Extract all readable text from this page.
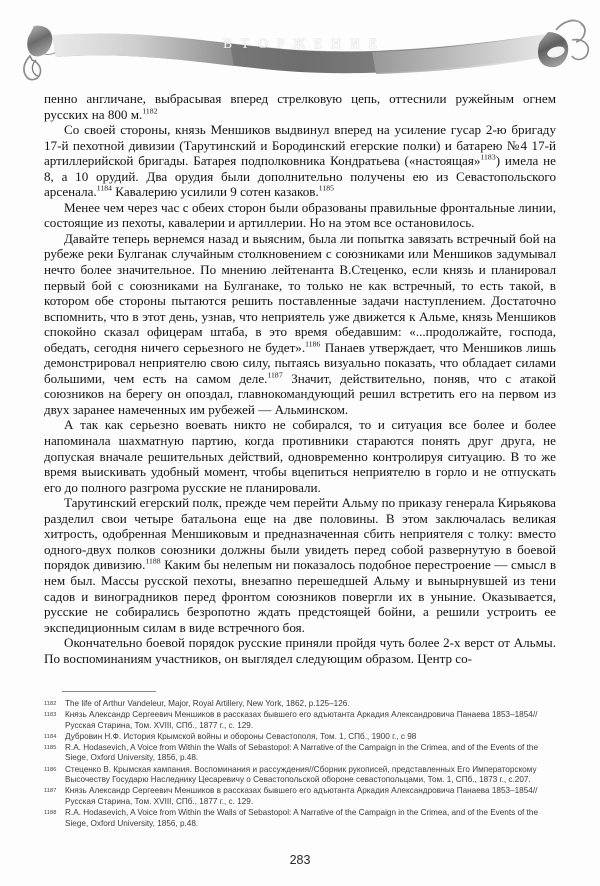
ВТОРЖЕНИЕ

пенно англичане, выбрасывая вперед стрелковую цепь, оттеснили ружейным огнем русских на 800 м.$^{1182}$

Со своей стороны, князь Меншиков выдвинул вперед на усиление гусар 2-ю бригаду 17-й пехотной дивизии (Тарутинский и Бородинский егерские полки) и батарею №4 17-й артиллерийской бригады. Батарея подполковника Кондратьева («настоящая»$^{1183}$) имела не 8, а 10 орудий. Два орудия были дополнительно получены ею из Севастопольского арсенала.$^{1184}$ Кавалерию усилили 9 сотен казаков.$^{1185}$

Менее чем через час с обеих сторон были образованы правильные фронтальные линии, состоящие из пехоты, кавалерии и артиллерии. Но на этом все остановилось.

Давайте теперь вернемся назад и выясним, была ли попытка завязать встречный бой на рубеже реки Булганак случайным столкновением с союзниками или Меншиков задумывал нечто более значительное. По мнению лейтенанта В.Стеценко, если князь и планировал первый бой с союзниками на Булганаке, то только не как встречный, то есть такой, в котором обе стороны пытаются решить поставленные задачи наступлением. Достаточно вспомнить, что в этот день, узнав, что неприятель уже движется к Альме, князь Меншиков спокойно сказал офицерам штаба, в это время обедавшим: «...продолжайте, господа, обедать, сегодня ничего серьезного не будет».$^{1186}$ Панаев утверждает, что Меншиков лишь демонстрировал неприятелю свою силу, пытаясь визуально показать, что обладает силами большими, чем есть на самом деле.$^{1187}$ Значит, действительно, поняв, что с атакой союзников на берегу он опоздал, главнокомандующий решил встретить его на первом из двух заранее намеченных им рубежей — Альминском.

А так как серьезно воевать никто не собирался, то и ситуация все более и более напоминала шахматную партию, когда противники стараются понять друг друга, не допуская вначале решительных действий, одновременно контролируя ситуацию. В то же время выискивать удобный момент, чтобы вцепиться неприятелю в горло и не отпускать его до полного разгрома русские не планировали.

Тарутинский егерский полк, прежде чем перейти Альму по приказу генерала Кирьякова разделил свои четыре батальона еще на две половины. В этом заключалась великая хитрость, одобренная Меншиковым и предназначенная сбить неприятеля с толку: вместо одного-двух полков союзники должны были увидеть перед собой развернутую в боевой порядок дивизию.$^{1188}$ Каким бы нелепым ни показалось подобное перестроение — смысл в нем был. Массы русской пехоты, внезапно перешедшей Альму и вынырнувшей из тени садов и виноградников перед фронтом союзников повергли их в уныние. Оказывается, русские не собирались безропотно ждать предстоящей бойни, а решили устроить ее экспедиционным силам в виде встречного боя.

Окончательно боевой порядок русские приняли пройдя чуть более 2-х верст от Альмы. По воспоминаниям участников, он выглядел следующим образом. Центр со-

1182	The life of Arthur Vandeleur, Major, Royal Artillery, New York, 1862, p.125–126.
1183	Князь Александр Сергеевич Меншиков в рассказах бывшего его адъютанта Аркадия Александровича Панаева 1853–1854//Русская Старина, Том. XVIII, СПб., 1877 г., с. 129.
1184	Дубровин Н.Ф. История Крымской войны и обороны Севастополя, Том. 1, СПб., 1900 г., с 98
1185	R.A. Hodasevich, A Voice from Within the Walls of Sebastopol: A Narrative of the Campaign in the Crimea, and of the Events of the Siege, Oxford University, 1856, p.48.
1186	Стеценко В. Крымская кампания. Воспоминания и рассуждения//Сборник рукописей, представленных Его Императорскому Высочеству Государю Наследнику Цесаревичу о Севастопольской обороне севастопольцами, Том. 1, СПб., 1873 г., с.207.
1187	Князь Александр Сергеевич Меншиков в рассказах бывшего его адъютанта Аркадия Александровича Панаева 1853–1854//Русская Старина, Том. XVIII, СПб., 1877 г., с. 129.
1188	R.A. Hodasevich, A Voice from Within the Walls of Sebastopol: A Narrative of the Campaign in the Crimea, and of the Events of the Siege, Oxford University, 1856, p.48.
283
